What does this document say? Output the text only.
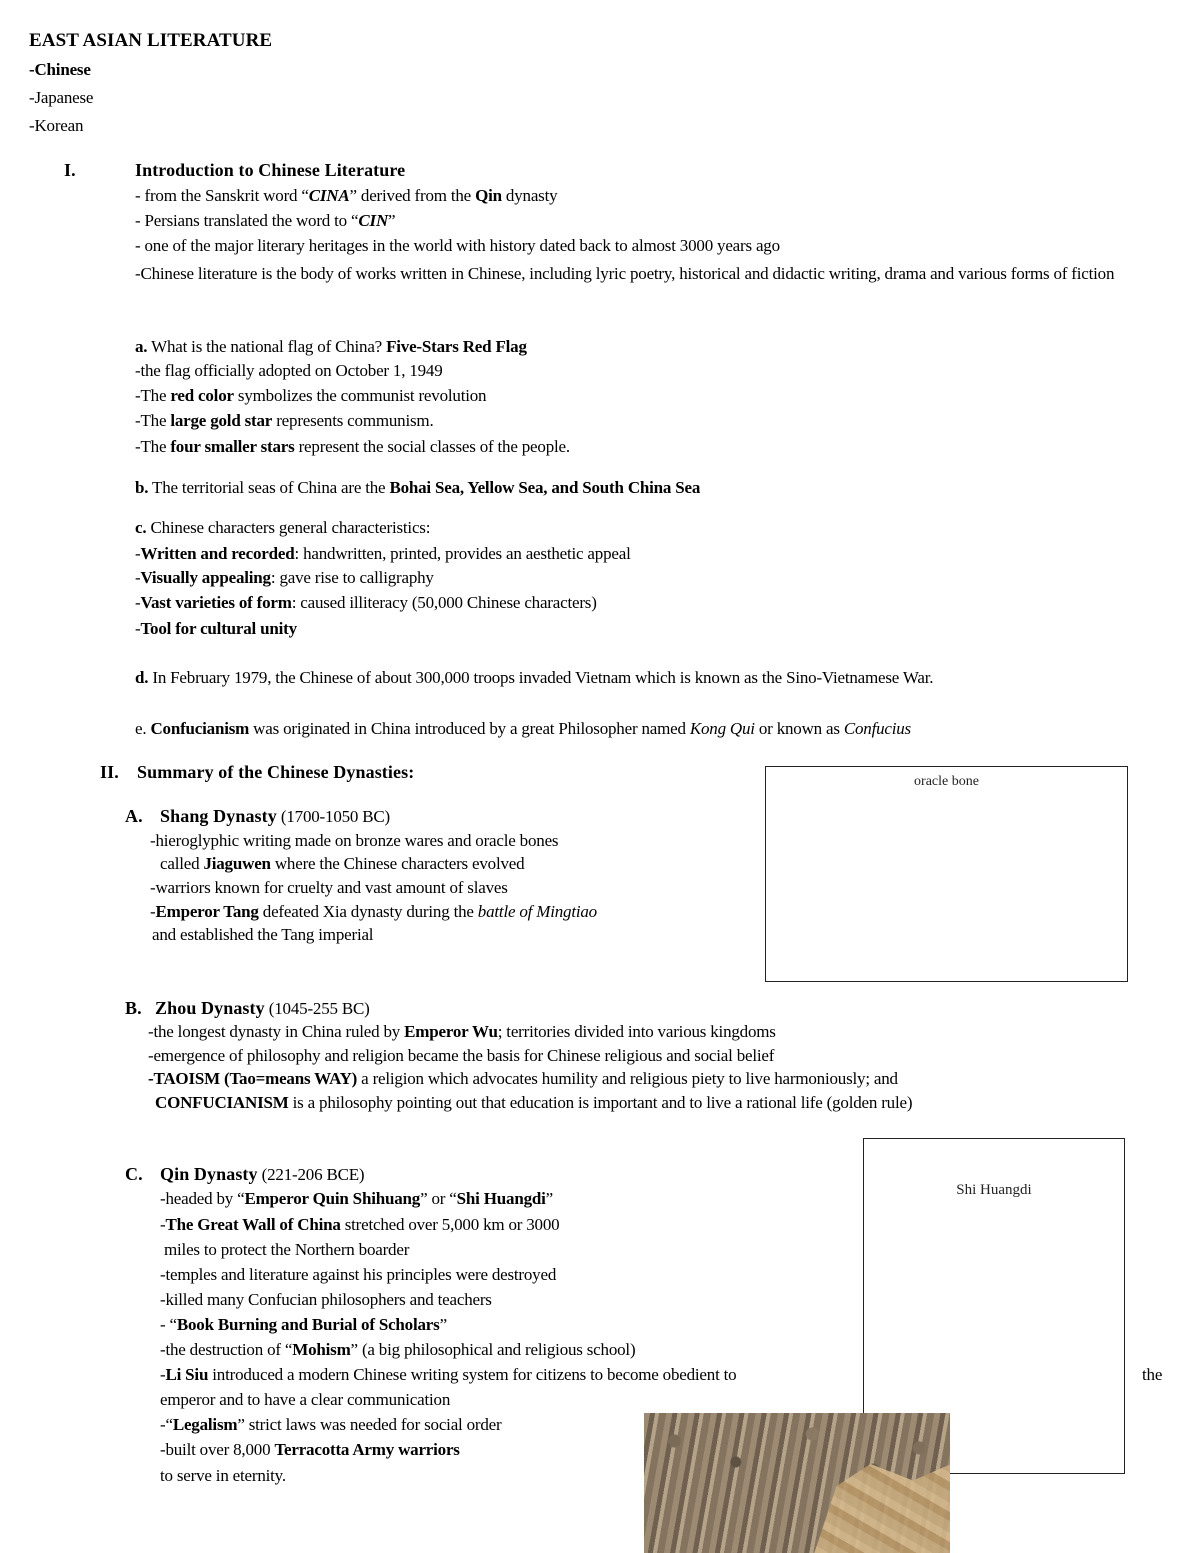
EAST ASIAN LITERATURE
-Chinese
-Japanese
-Korean
I.	Introduction to Chinese Literature
- from the Sanskrit word “CINA” derived from the Qin dynasty
- Persians translated the word to “CIN”
- one of the major literary heritages in the world with history dated back to almost 3000 years ago
-Chinese literature is the body of works written in Chinese, including lyric poetry, historical and didactic writing, drama and various forms of fiction
a. What is the national flag of China? Five-Stars Red Flag
-the flag officially adopted on October 1, 1949
-The red color symbolizes the communist revolution
-The large gold star represents communism.
-The four smaller stars represent the social classes of the people.
b. The territorial seas of China are the Bohai Sea, Yellow Sea, and South China Sea
c. Chinese characters general characteristics:
-Written and recorded: handwritten, printed, provides an aesthetic appeal
-Visually appealing: gave rise to calligraphy
-Vast varieties of form: caused illiteracy (50,000 Chinese characters)
-Tool for cultural unity
d. In February 1979, the Chinese of about 300,000 troops invaded Vietnam which is known as the Sino-Vietnamese War.
e. Confucianism was originated in China introduced by a great Philosopher named Kong Qui or known as Confucius
II. Summary of the Chinese Dynasties:	oracle bone
A. Shang Dynasty (1700-1050 BC)
-hieroglyphic writing made on bronze wares and oracle bones
called Jiaguwen where the Chinese characters evolved
-warriors known for cruelty and vast amount of slaves
-Emperor Tang defeated Xia dynasty during the battle of Mingtiao
and established the Tang imperial
B. Zhou Dynasty (1045-255 BC)
-the longest dynasty in China ruled by Emperor Wu; territories divided into various kingdoms
-emergence of philosophy and religion became the basis for Chinese religious and social belief
-TAOISM (Tao=means WAY) a religion which advocates humility and religious piety to live harmoniously; and
CONFUCIANISM is a philosophy pointing out that education is important and to live a rational life (golden rule)
Shi Huangdi
C. Qin Dynasty (221-206 BCE)
-headed by “Emperor Quin Shihuang” or “Shi Huangdi”
-The Great Wall of China stretched over 5,000 km or 3000
miles to protect the Northern boarder
-temples and literature against his principles were destroyed
-killed many Confucian philosophers and teachers
- “Book Burning and Burial of Scholars”
-the destruction of “Mohism” (a big philosophical and religious school)
-Li Siu introduced a modern Chinese writing system for citizens to become obedient to	the
emperor and to have a clear communication
-“Legalism” strict laws was needed for social order
-built over 8,000 Terracotta Army warriors
to serve in eternity.
